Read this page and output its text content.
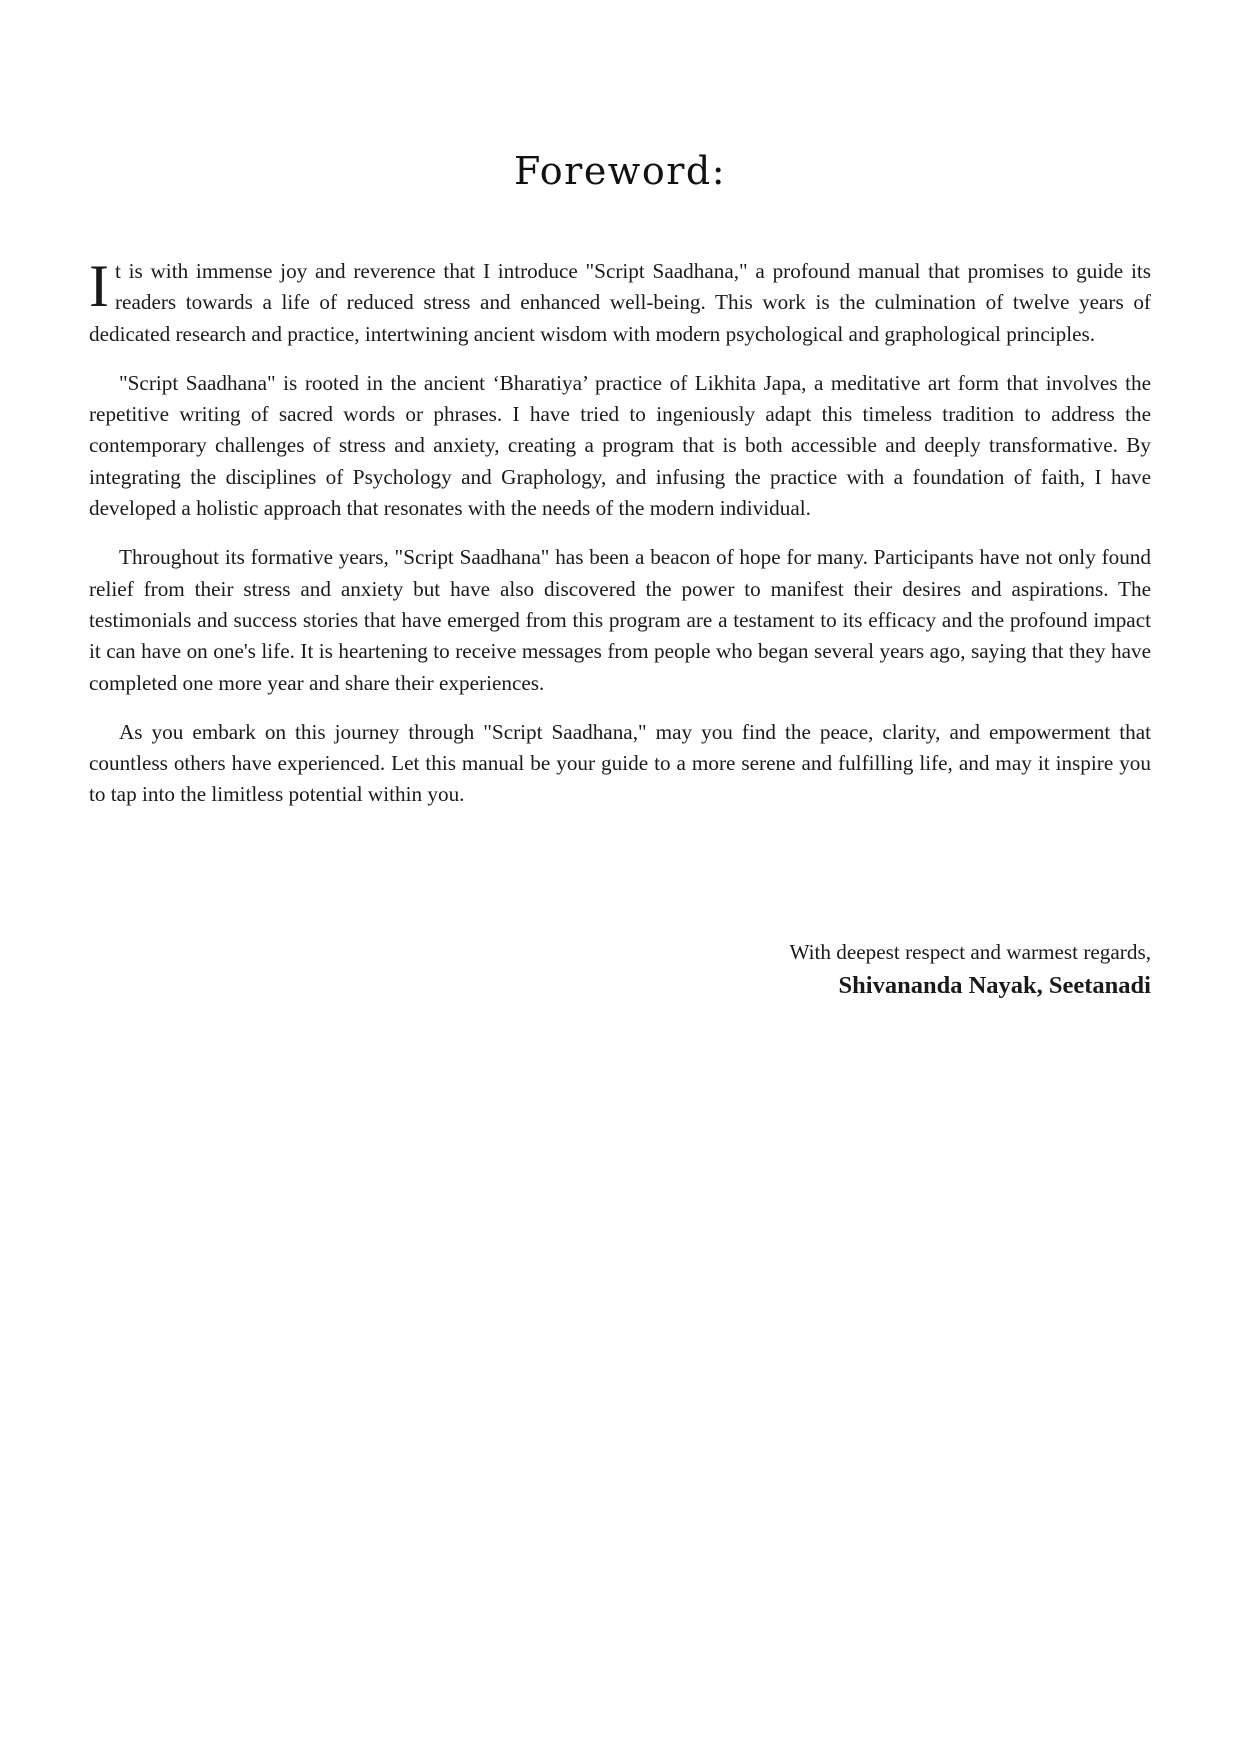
Foreword:

It is with immense joy and reverence that I introduce "Script Saadhana," a profound manual that promises to guide its readers towards a life of reduced stress and enhanced well-being. This work is the culmination of twelve years of dedicated research and practice, intertwining ancient wisdom with modern psychological and graphological principles.

"Script Saadhana" is rooted in the ancient ‘Bharatiya’ practice of Likhita Japa, a meditative art form that involves the repetitive writing of sacred words or phrases. I have tried to ingeniously adapt this timeless tradition to address the contemporary challenges of stress and anxiety, creating a program that is both accessible and deeply transformative. By integrating the disciplines of Psychology and Graphology, and infusing the practice with a foundation of faith, I have developed a holistic approach that resonates with the needs of the modern individual.

Throughout its formative years, "Script Saadhana" has been a beacon of hope for many. Participants have not only found relief from their stress and anxiety but have also discovered the power to manifest their desires and aspirations. The testimonials and success stories that have emerged from this program are a testament to its efficacy and the profound impact it can have on one's life. It is heartening to receive messages from people who began several years ago, saying that they have completed one more year and share their experiences.

As you embark on this journey through "Script Saadhana," may you find the peace, clarity, and empowerment that countless others have experienced. Let this manual be your guide to a more serene and fulfilling life, and may it inspire you to tap into the limitless potential within you.

With deepest respect and warmest regards,

Shivananda Nayak, Seetanadi
